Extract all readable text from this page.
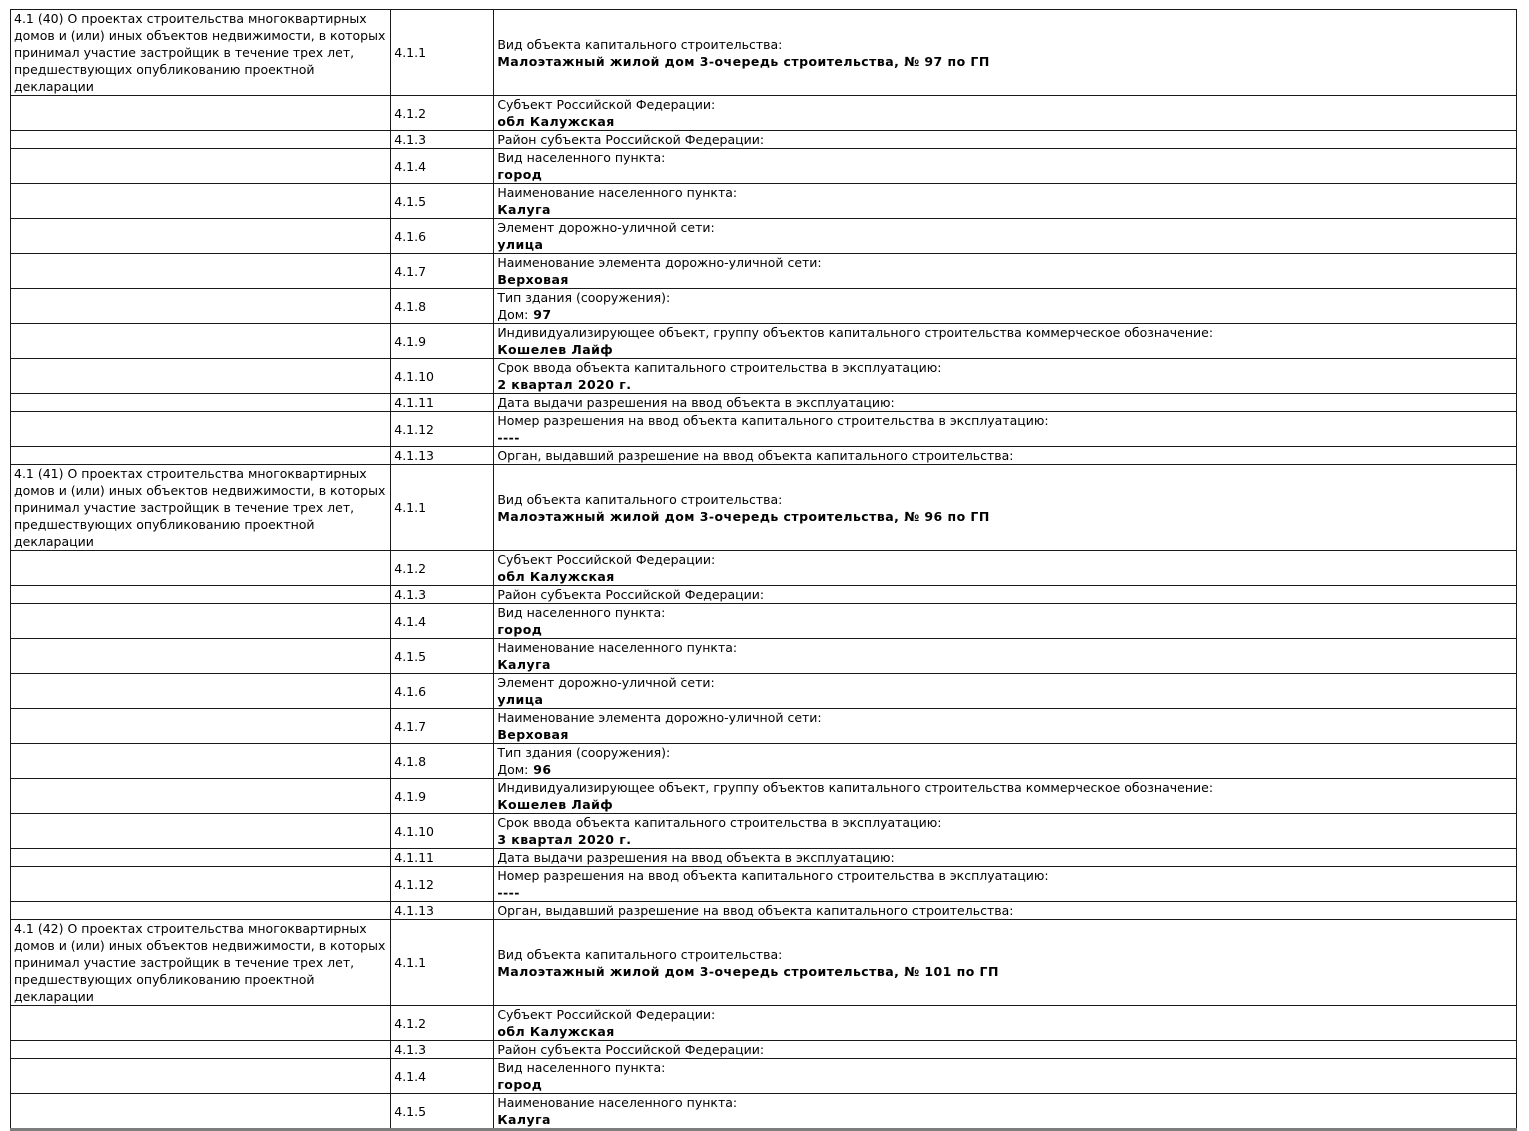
4.1 (40) О проектах строительства многоквартирных домов и (или) иных объектов недвижимости, в которых принимал участие застройщик в течение трех лет, предшествующих опубликованию проектной декларации	4.1.1	Вид объекта капитального строительства:
Малоэтажный жилой дом 3-очередь строительства, № 97 по ГП

	4.1.2	Субъект Российской Федерации:
обл Калужская

	4.1.3	Район субъекта Российской Федерации:

	4.1.4	Вид населенного пункта:
город

	4.1.5	Наименование населенного пункта:
Калуга

	4.1.6	Элемент дорожно-уличной сети:
улица

	4.1.7	Наименование элемента дорожно-уличной сети:
Верховая

	4.1.8	Тип здания (сооружения):
Дом: 97

	4.1.9	Индивидуализирующее объект, группу объектов капитального строительства коммерческое обозначение:
Кошелев Лайф

	4.1.10	Срок ввода объекта капитального строительства в эксплуатацию:
2 квартал 2020 г.

	4.1.11	Дата выдачи разрешения на ввод объекта в эксплуатацию:

	4.1.12	Номер разрешения на ввод объекта капитального строительства в эксплуатацию:
----

	4.1.13	Орган, выдавший разрешение на ввод объекта капитального строительства:

4.1 (41) О проектах строительства многоквартирных домов и (или) иных объектов недвижимости, в которых принимал участие застройщик в течение трех лет, предшествующих опубликованию проектной декларации	4.1.1	Вид объекта капитального строительства:
Малоэтажный жилой дом 3-очередь строительства, № 96 по ГП

	4.1.2	Субъект Российской Федерации:
обл Калужская

	4.1.3	Район субъекта Российской Федерации:

	4.1.4	Вид населенного пункта:
город

	4.1.5	Наименование населенного пункта:
Калуга

	4.1.6	Элемент дорожно-уличной сети:
улица

	4.1.7	Наименование элемента дорожно-уличной сети:
Верховая

	4.1.8	Тип здания (сооружения):
Дом: 96

	4.1.9	Индивидуализирующее объект, группу объектов капитального строительства коммерческое обозначение:
Кошелев Лайф

	4.1.10	Срок ввода объекта капитального строительства в эксплуатацию:
3 квартал 2020 г.

	4.1.11	Дата выдачи разрешения на ввод объекта в эксплуатацию:

	4.1.12	Номер разрешения на ввод объекта капитального строительства в эксплуатацию:
----

	4.1.13	Орган, выдавший разрешение на ввод объекта капитального строительства:

4.1 (42) О проектах строительства многоквартирных домов и (или) иных объектов недвижимости, в которых принимал участие застройщик в течение трех лет, предшествующих опубликованию проектной декларации	4.1.1	Вид объекта капитального строительства:
Малоэтажный жилой дом 3-очередь строительства, № 101 по ГП

	4.1.2	Субъект Российской Федерации:
обл Калужская

	4.1.3	Район субъекта Российской Федерации:

	4.1.4	Вид населенного пункта:
город

	4.1.5	Наименование населенного пункта:
Калуга
